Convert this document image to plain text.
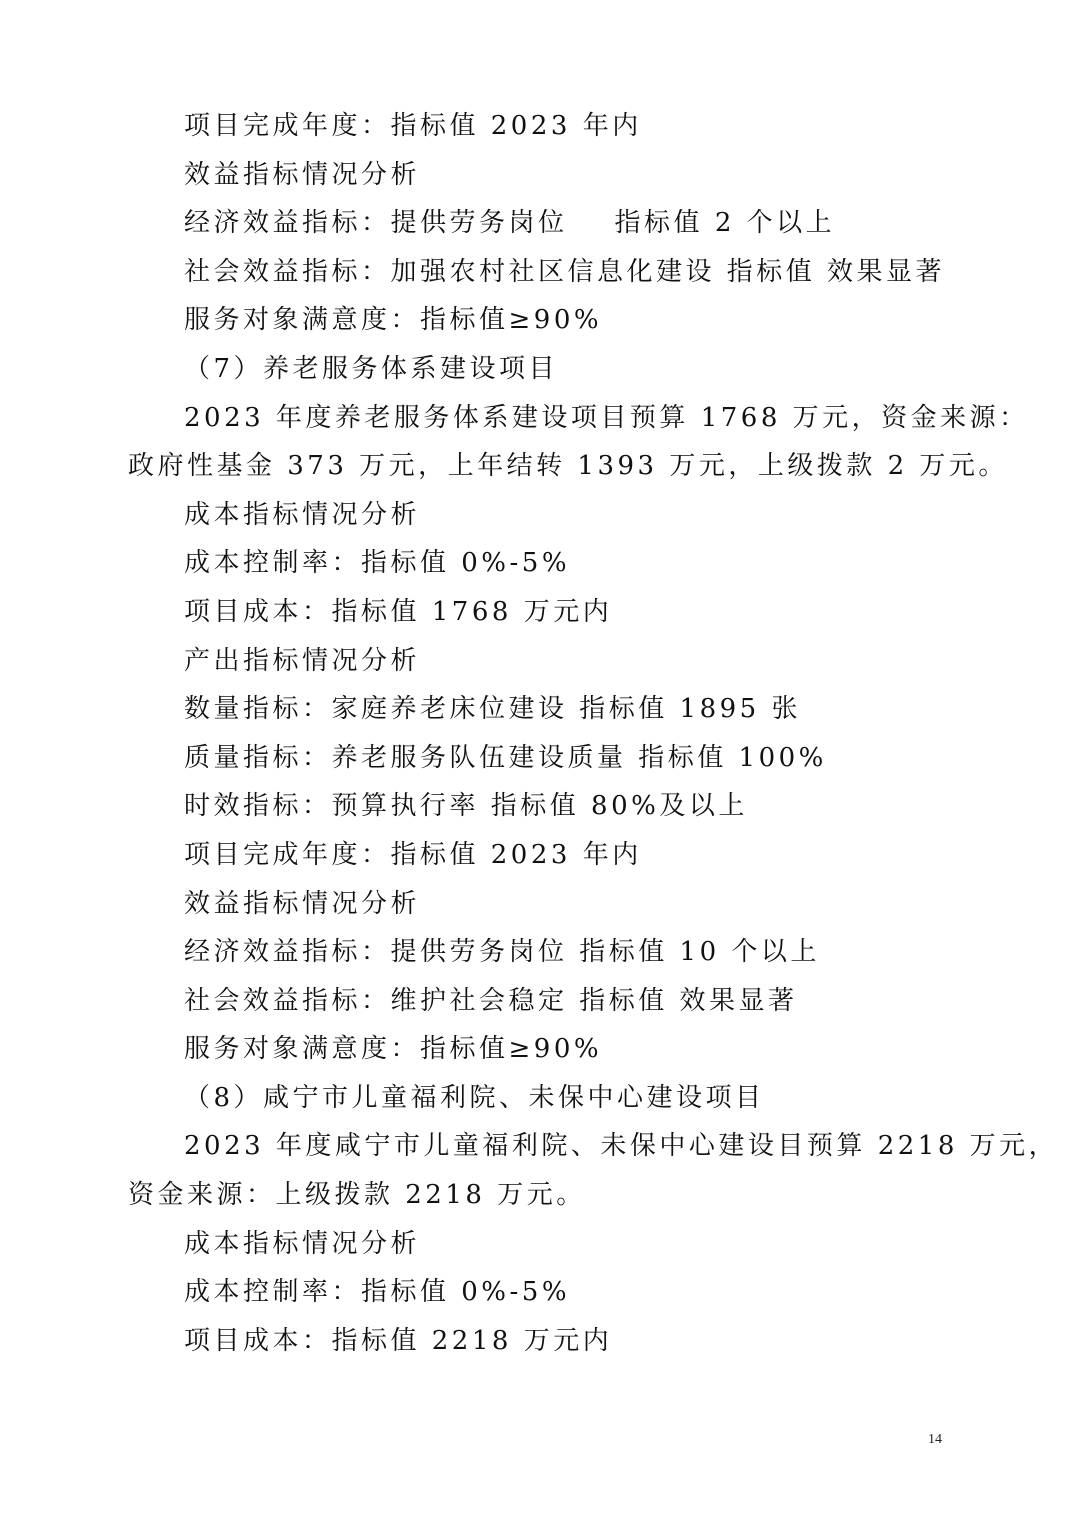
项目完成年度：指标值 2023 年内
效益指标情况分析
经济效益指标：提供劳务岗位    指标值 2 个以上
社会效益指标：加强农村社区信息化建设 指标值 效果显著
服务对象满意度：指标值≥90%
（7）养老服务体系建设项目
2023 年度养老服务体系建设项目预算 1768 万元，资金来源：
政府性基金 373 万元，上年结转 1393 万元，上级拨款 2 万元。
成本指标情况分析
成本控制率：指标值 0%-5%
项目成本：指标值 1768 万元内
产出指标情况分析
数量指标：家庭养老床位建设 指标值 1895 张
质量指标：养老服务队伍建设质量 指标值 100%
时效指标：预算执行率 指标值 80%及以上
项目完成年度：指标值 2023 年内
效益指标情况分析
经济效益指标：提供劳务岗位 指标值 10 个以上
社会效益指标：维护社会稳定 指标值 效果显著
服务对象满意度：指标值≥90%
（8）咸宁市儿童福利院、未保中心建设项目
2023 年度咸宁市儿童福利院、未保中心建设目预算 2218 万元，
资金来源：上级拨款 2218 万元。
成本指标情况分析
成本控制率：指标值 0%-5%
项目成本：指标值 2218 万元内
14
